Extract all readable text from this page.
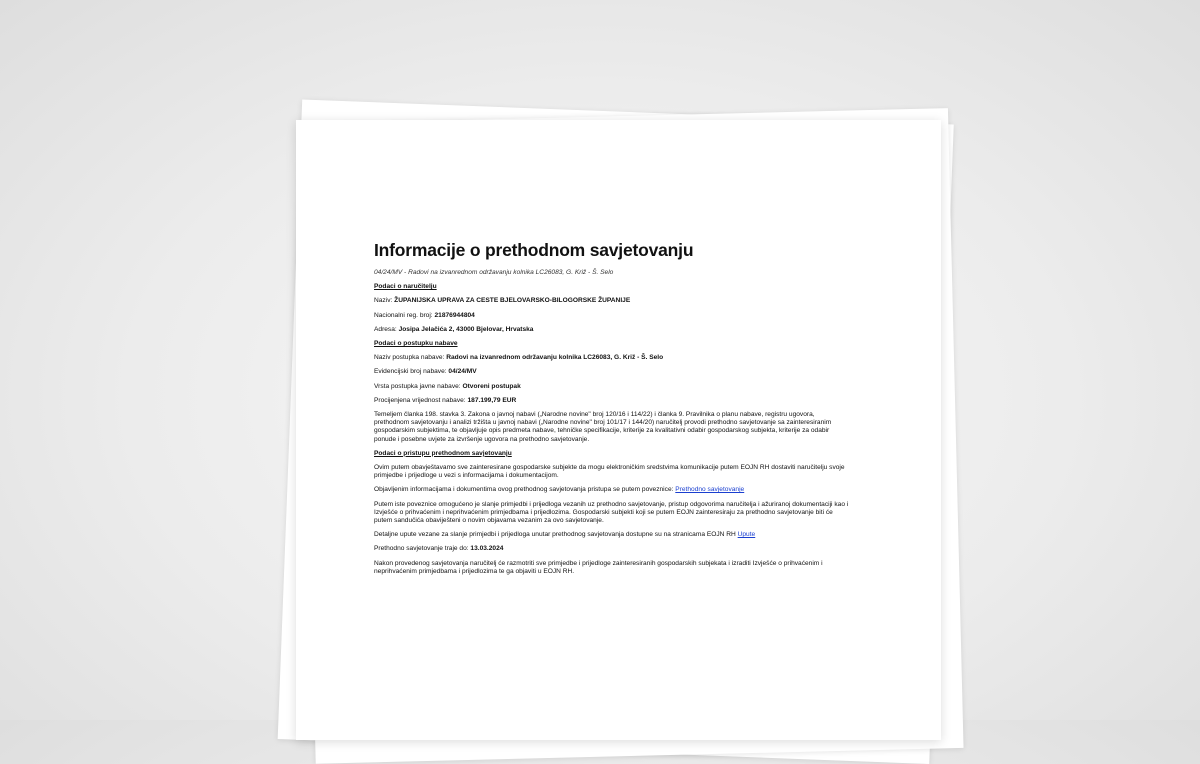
Informacije o prethodnom savjetovanju
04/24/MV - Radovi na izvanrednom održavanju kolnika LC26083, G. Križ - Š. Selo
Podaci o naručitelju
Naziv: ŽUPANIJSKA UPRAVA ZA CESTE BJELOVARSKO-BILOGORSKE ŽUPANIJE
Nacionalni reg. broj: 21876944804
Adresa: Josipa Jelačića 2, 43000 Bjelovar, Hrvatska
Podaci o postupku nabave
Naziv postupka nabave: Radovi na izvanrednom održavanju kolnika LC26083, G. Križ - Š. Selo
Evidencijski broj nabave: 04/24/MV
Vrsta postupka javne nabave: Otvoreni postupak
Procijenjena vrijednost nabave: 187.199,79 EUR
Temeljem članka 198. stavka 3. Zakona o javnoj nabavi („Narodne novine" broj 120/16 i 114/22) i članka 9. Pravilnika o planu nabave, registru ugovora, prethodnom savjetovanju i analizi tržišta u javnoj nabavi („Narodne novine" broj 101/17 i 144/20) naručitelj provodi prethodno savjetovanje sa zainteresiranim gospodarskim subjektima, te objavljuje opis predmeta nabave, tehničke specifikacije, kriterije za kvalitativni odabir gospodarskog subjekta, kriterije za odabir ponude i posebne uvjete za izvršenje ugovora na prethodno savjetovanje.
Podaci o pristupu prethodnom savjetovanju
Ovim putem obavještavamo sve zainteresirane gospodarske subjekte da mogu elektroničkim sredstvima komunikacije putem EOJN RH dostaviti naručitelju svoje primjedbe i prijedloge u vezi s informacijama i dokumentacijom.
Objavljenim informacijama i dokumentima ovog prethodnog savjetovanja pristupa se putem poveznice: Prethodno savjetovanje
Putem iste poveznice omogućeno je slanje primjedbi i prijedloga vezanih uz prethodno savjetovanje, pristup odgovorima naručitelja i ažuriranoj dokumentaciji kao i Izvješće o prihvaćenim i neprihvaćenim primjedbama i prijedlozima. Gospodarski subjekti koji se putem EOJN zainteresiraju za prethodno savjetovanje biti će putem sandučića obaviješteni o novim objavama vezanim za ovo savjetovanje.
Detaljne upute vezane za slanje primjedbi i prijedloga unutar prethodnog savjetovanja dostupne su na stranicama EOJN RH Upute
Prethodno savjetovanje traje do: 13.03.2024
Nakon provedenog savjetovanja naručitelj će razmotriti sve primjedbe i prijedloge zainteresiranih gospodarskih subjekata i izraditi Izvješće o prihvaćenim i neprihvaćenim primjedbama i prijedlozima te ga objaviti u EOJN RH.
